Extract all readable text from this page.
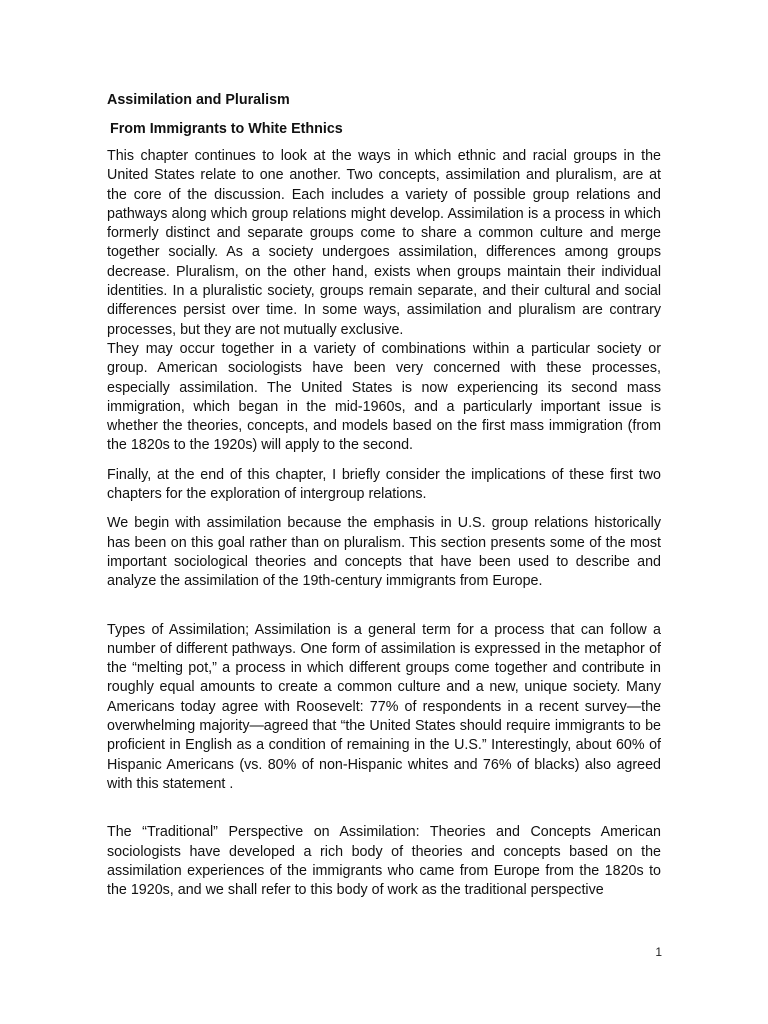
Assimilation and Pluralism
From Immigrants to White Ethnics

This chapter continues to look at the ways in which ethnic and racial groups in the United States relate to one another. Two concepts, assimilation and pluralism, are at the core of the discussion. Each includes a variety of possible group relations and pathways along which group relations might develop. Assimilation is a process in which formerly distinct and separate groups come to share a common culture and merge together socially. As a society undergoes assimilation, differences among groups decrease. Pluralism, on the other hand, exists when groups maintain their individual identities. In a pluralistic society, groups remain separate, and their cultural and social differences persist over time. In some ways, assimilation and pluralism are contrary processes, but they are not mutually exclusive.

They may occur together in a variety of combinations within a particular society or group. American sociologists have been very concerned with these processes, especially assimilation. The United States is now experiencing its second mass immigration, which began in the mid-1960s, and a particularly important issue is whether the theories, concepts, and models based on the first mass immigration (from the 1820s to the 1920s) will apply to the second.

Finally, at the end of this chapter, I briefly consider the implications of these first two chapters for the exploration of intergroup relations.

We begin with assimilation because the emphasis in U.S. group relations historically has been on this goal rather than on pluralism. This section presents some of the most important sociological theories and concepts that have been used to describe and analyze the assimilation of the 19th-century immigrants from Europe.

Types of Assimilation; Assimilation is a general term for a process that can follow a number of different pathways. One form of assimilation is expressed in the metaphor of the “melting pot,” a process in which different groups come together and contribute in roughly equal amounts to create a common culture and a new, unique society. Many Americans today agree with Roosevelt: 77% of respondents in a recent survey—the overwhelming majority—agreed that “the United States should require immigrants to be proficient in English as a condition of remaining in the U.S.” Interestingly, about 60% of Hispanic Americans (vs. 80% of non-Hispanic whites and 76% of blacks) also agreed with this statement .

The “Traditional” Perspective on Assimilation: Theories and Concepts American sociologists have developed a rich body of theories and concepts based on the assimilation experiences of the immigrants who came from Europe from the 1820s to the 1920s, and we shall refer to this body of work as the traditional perspective

1
